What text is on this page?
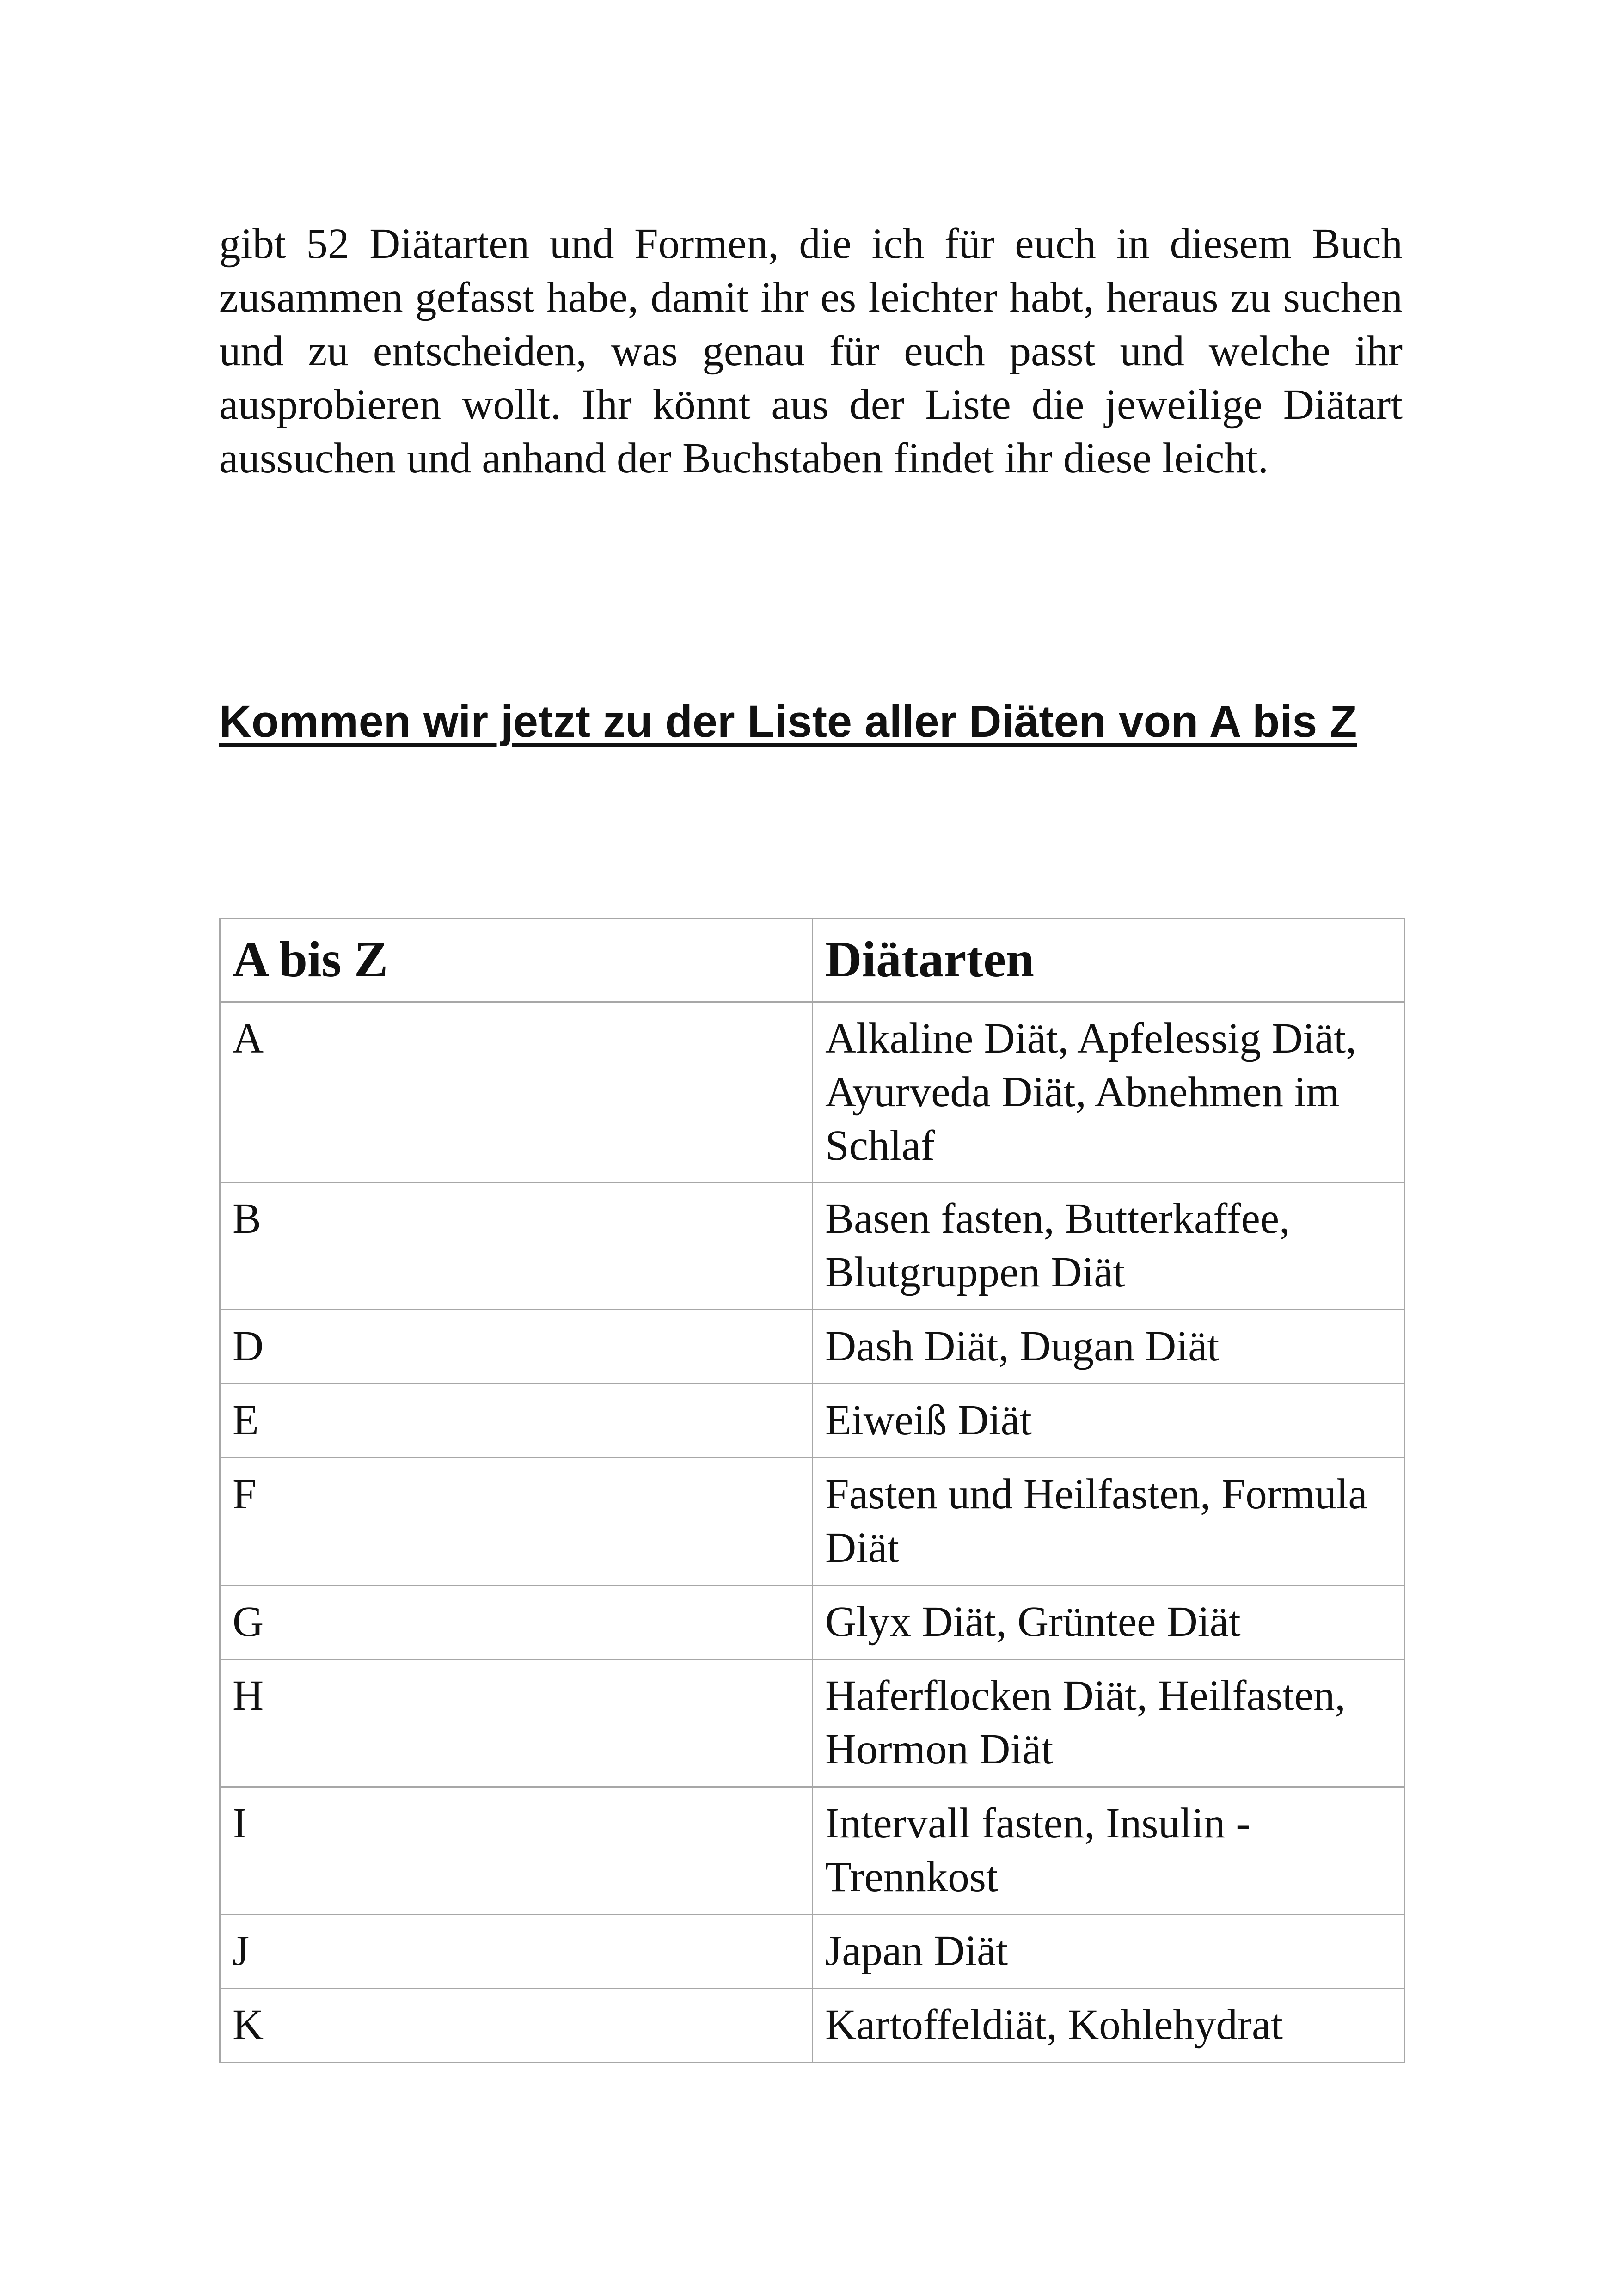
gibt 52 Diätarten und Formen, die ich für euch in diesem Buch zusammen gefasst habe, damit ihr es leichter habt, heraus zu suchen und zu entscheiden, was genau für euch passt und welche ihr ausprobieren wollt. Ihr könnt aus der Liste die jeweilige Diätart aussuchen und anhand der Buchstaben findet ihr diese leicht.

Kommen wir jetzt zu der Liste aller Diäten von A bis Z
A bis Z	Diätarten
A	Alkaline Diät, Apfelessig Diät, Ayurveda Diät, Abnehmen im Schlaf
B	Basen fasten, Butterkaffee, Blutgruppen Diät
D	Dash Diät, Dugan Diät
E	Eiweiß Diät
F	Fasten und Heilfasten, Formula Diät
G	Glyx Diät, Grüntee Diät
H	Haferflocken Diät, Heilfasten, Hormon Diät
I	Intervall fasten, Insulin - Trennkost
J	Japan Diät
K	Kartoffeldiät, Kohlehydrat
